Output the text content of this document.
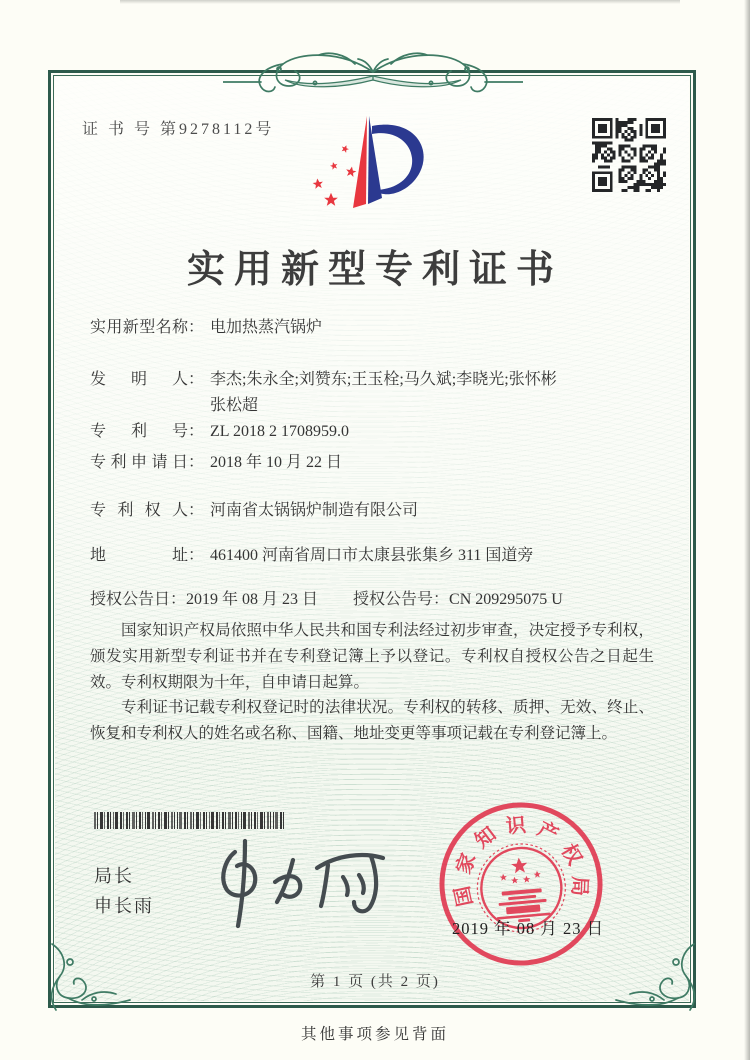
证 书 号 第9278112号
实用新型专利证书
实用新型名称： 电加热蒸汽锅炉
发明人： 李杰;朱永全;刘赞东;王玉栓;马久斌;李晓光;张怀彬
张松超
专利号： ZL 2018 2 1708959.0
专利申请日： 2018 年 10 月 22 日
专利权人： 河南省太锅锅炉制造有限公司
地址： 461400 河南省周口市太康县张集乡 311 国道旁
授权公告日：2019 年 08 月 23 日 授权公告号：CN 209295075 U

国家知识产权局依照中华人民共和国专利法经过初步审查，决定授予专利权，颁发实用新型专利证书并在专利登记簿上予以登记。专利权自授权公告之日起生效。专利权期限为十年，自申请日起算。

专利证书记载专利权登记时的法律状况。专利权的转移、质押、无效、终止、恢复和专利权人的姓名或名称、国籍、地址变更等事项记载在专利登记簿上。

局长
申长雨	国
家
知 识 产
权
局
2019 年 08 月 23 日
第 1 页 (共 2 页)
其他事项参见背面
